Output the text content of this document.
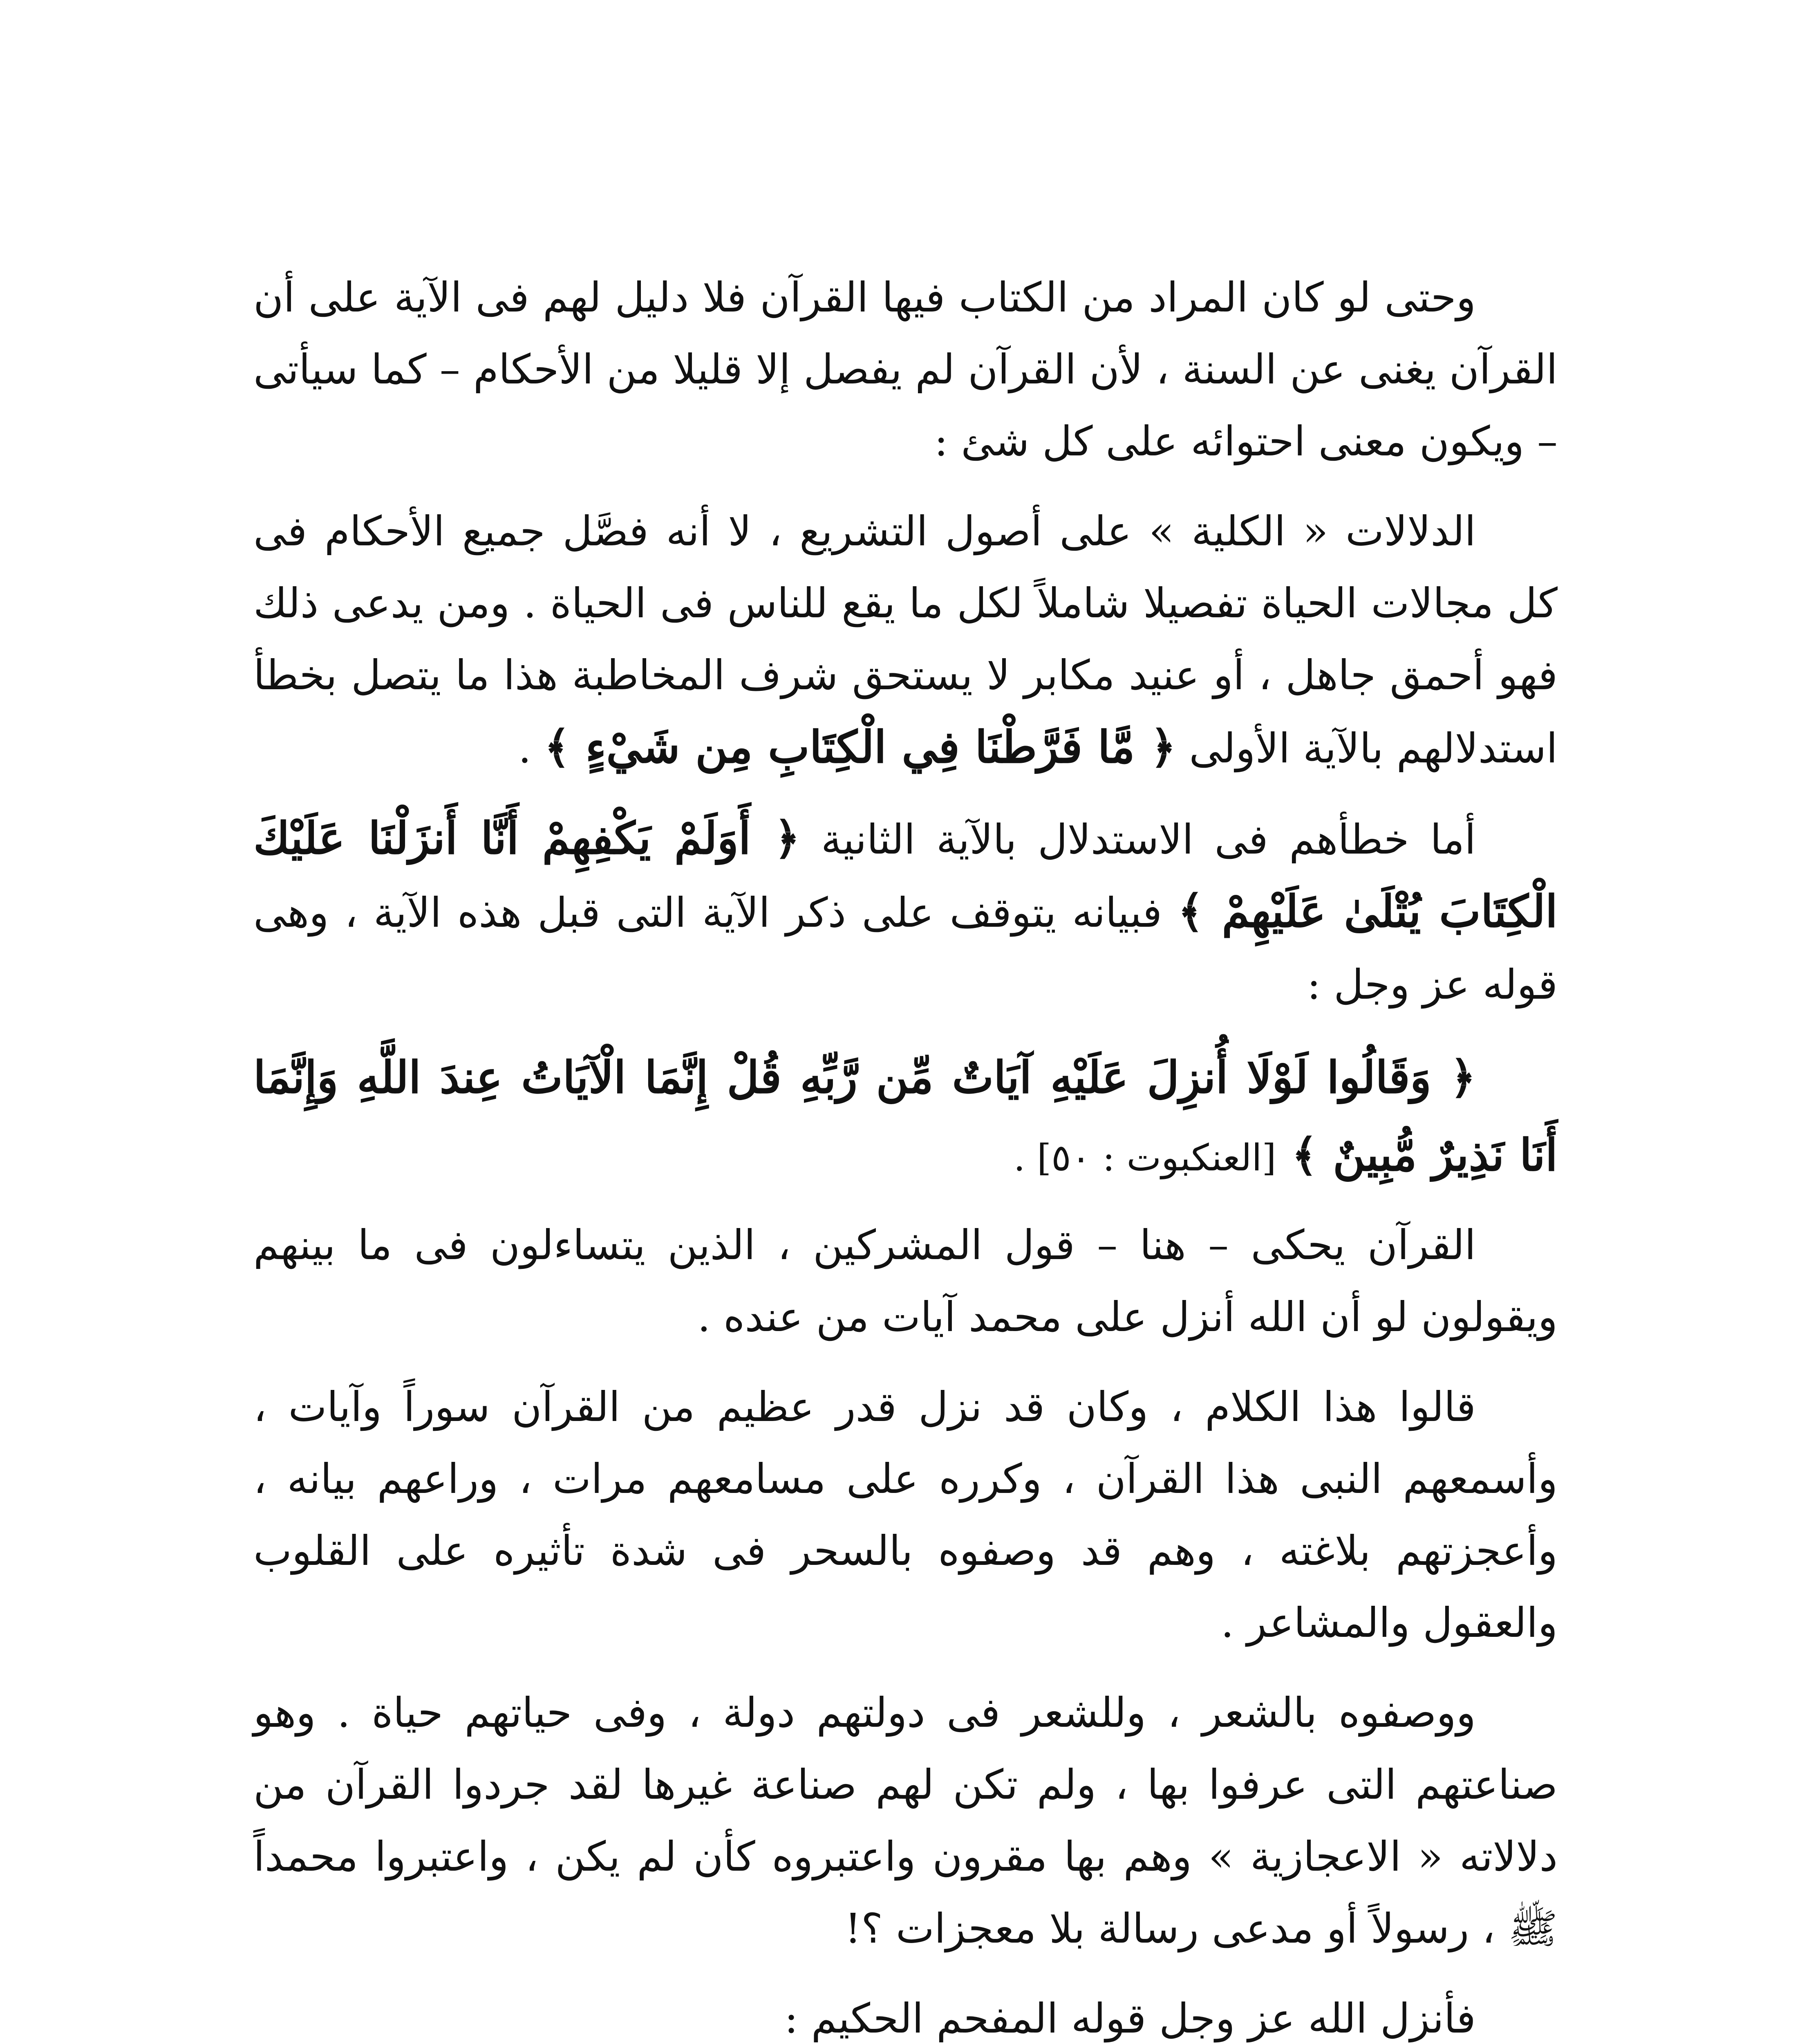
وحتى لو كان المراد من الكتاب فيها القرآن فلا دليل لهم فى الآية على أن القرآن يغنى عن السنة ، لأن القرآن لم يفصل إلا قليلا من الأحكام – كما سيأتى – ويكون معنى احتوائه على كل شئ :

الدلالات « الكلية » على أصول التشريع ، لا أنه فصَّل جميع الأحكام فى كل مجالات الحياة تفصيلا شاملاً لكل ما يقع للناس فى الحياة . ومن يدعى ذلك فهو أحمق جاهل ، أو عنيد مكابر لا يستحق شرف المخاطبة هذا ما يتصل بخطأ استدلالهم بالآية الأولى ﴿ مَّا فَرَّطْنَا فِي الْكِتَابِ مِن شَيْءٍ ﴾ .

أما خطأهم فى الاستدلال بالآية الثانية ﴿ أَوَلَمْ يَكْفِهِمْ أَنَّا أَنزَلْنَا عَلَيْكَ الْكِتَابَ يُتْلَىٰ عَلَيْهِمْ ﴾ فبيانه يتوقف على ذكر الآية التى قبل هذه الآية ، وهى قوله عز وجل :

﴿ وَقَالُوا لَوْلَا أُنزِلَ عَلَيْهِ آيَاتٌ مِّن رَّبِّهِ قُلْ إِنَّمَا الْآيَاتُ عِندَ اللَّهِ وَإِنَّمَا أَنَا نَذِيرٌ مُّبِينٌ ﴾ [العنكبوت : ٥٠] .

القرآن يحكى – هنا – قول المشركين ، الذين يتساءلون فى ما بينهم ويقولون لو أن الله أنزل على محمد آيات من عنده .

قالوا هذا الكلام ، وكان قد نزل قدر عظيم من القرآن سوراً وآيات ، وأسمعهم النبى هذا القرآن ، وكرره على مسامعهم مرات ، وراعهم بيانه ، وأعجزتهم بلاغته ، وهم قد وصفوه بالسحر فى شدة تأثيره على القلوب والعقول والمشاعر .

ووصفوه بالشعر ، وللشعر فى دولتهم دولة ، وفى حياتهم حياة . وهو صناعتهم التى عرفوا بها ، ولم تكن لهم صناعة غيرها لقد جردوا القرآن من دلالاته « الاعجازية » وهم بها مقرون واعتبروه كأن لم يكن ، واعتبروا محمداً ﷺ ، رسولاً أو مدعى رسالة بلا معجزات ؟!

فأنزل الله عز وجل قوله المفحم الحكيم :
